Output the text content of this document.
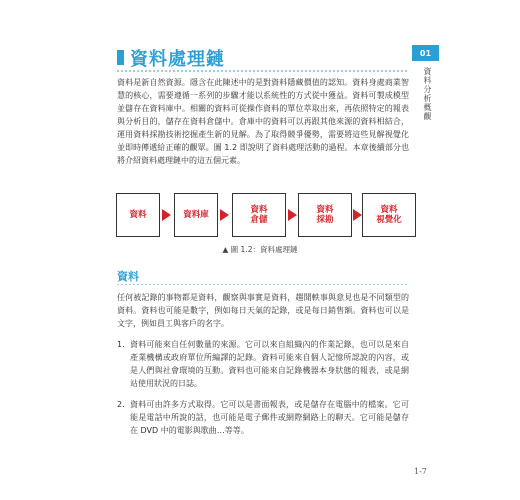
資料處理鏈
資料是新自然資源。隱含在此陳述中的是對資料隱藏價值的認知。資料身處商業智慧的核心，需要遵循一系列的步驟才能以系統性的方式從中獲益。資料可製成模型並儲存在資料庫中。相關的資料可從操作資料的單位萃取出來，再依照特定的報表與分析目的，儲存在資料倉儲中。倉庫中的資料可以再跟其他來源的資料相結合，運用資料採勘技術挖掘產生新的見解。為了取得競爭優勢，需要將這些見解視覺化並即時傳遞給正確的觀眾。圖 1.2 即說明了資料處理活動的過程。本章後續部分也將介紹資料處理鏈中的這五個元素。
資料	資料庫	資料
倉儲
資料
採勘
資料
視覺化
▲ 圖 1.2：資料處理鏈
資料
任何被記錄的事物都是資料，觀察與事實是資料，趨聞軼事與意見也是不同類型的資料。資料也可能是數字，例如每日天氣的記錄，或是每日銷售額。資料也可以是文字，例如員工與客戶的名字。
1. 資料可能來自任何數量的來源。它可以來自組織內的作業記錄，也可以是來自產業機構或政府單位所編譯的記錄。資料可能來自個人記憶所認說的內容，或是人們與社會環境的互動。資料也可能來自記錄機器本身狀態的報表，或是網站使用狀況的日誌。
2. 資料可由許多方式取得。它可以是書面報表，或是儲存在電腦中的檔案。它可能是電話中所說的話，也可能是電子郵件或網際網路上的聊天。它可能是儲存在 DVD 中的電影與歌曲…等等。
1-7
01
資料分析概觀
